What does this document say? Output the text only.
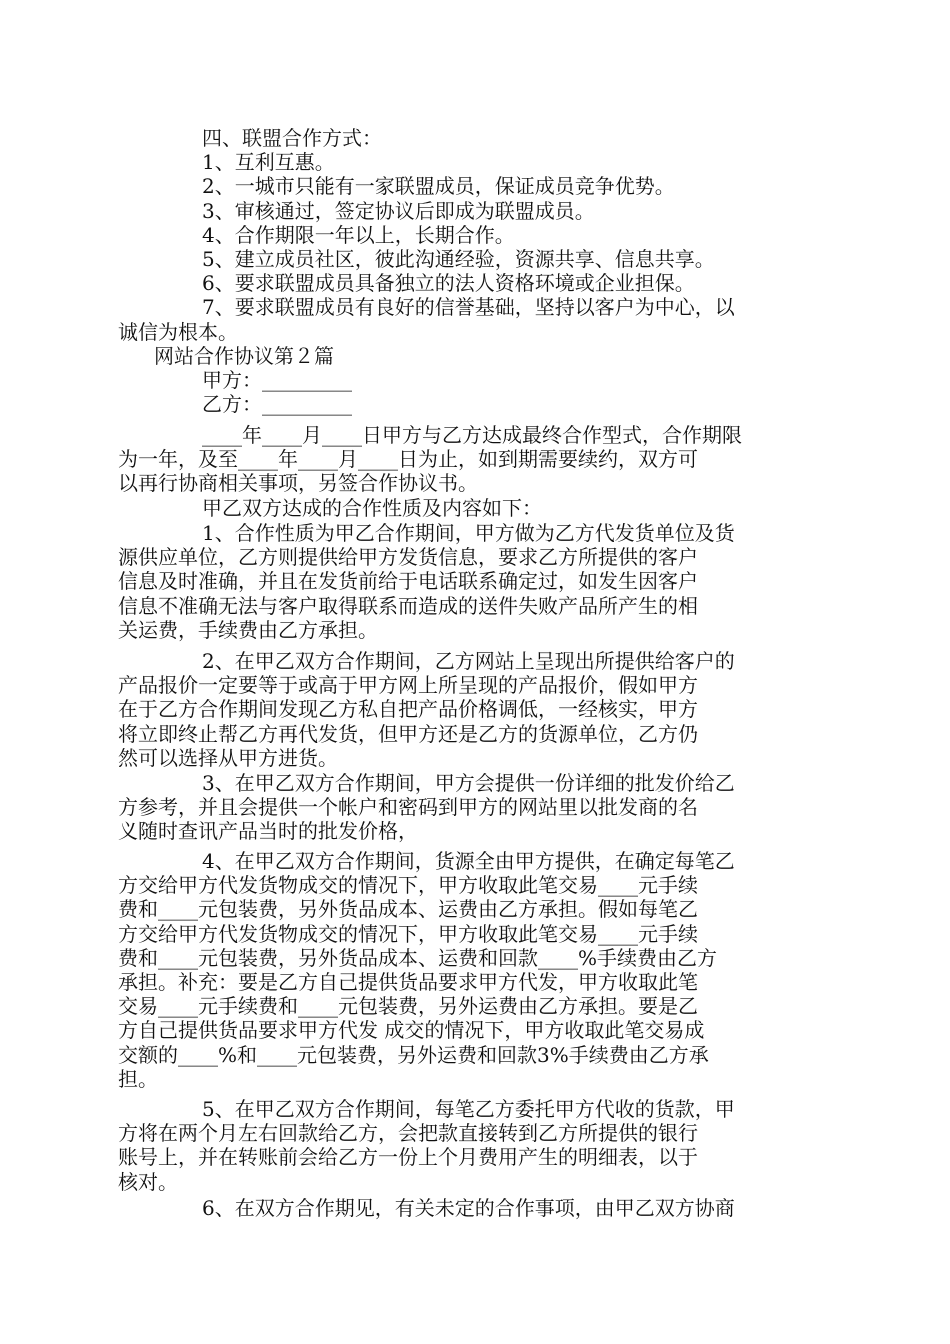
四、联盟合作方式：
1、互利互惠。
2、一城市只能有一家联盟成员，保证成员竞争优势。
3、审核通过，签定协议后即成为联盟成员。
4、合作期限一年以上，长期合作。
5、建立成员社区，彼此沟通经验，资源共享、信息共享。
6、要求联盟成员具备独立的法人资格环境或企业担保。
7、要求联盟成员有良好的信誉基础，坚持以客户为中心，以
诚信为根本。
网站合作协议第２篇
甲方：_________
乙方：_________
____年____月____日甲方与乙方达成最终合作型式，合作期限
为一年，及至____年____月____日为止，如到期需要续约，双方可
以再行协商相关事项，另签合作协议书。
甲乙双方达成的合作性质及内容如下：
1、合作性质为甲乙合作期间，甲方做为乙方代发货单位及货
源供应单位，乙方则提供给甲方发货信息，要求乙方所提供的客户
信息及时准确，并且在发货前给于电话联系确定过，如发生因客户
信息不准确无法与客户取得联系而造成的送件失败产品所产生的相
关运费，手续费由乙方承担。
2、在甲乙双方合作期间，乙方网站上呈现出所提供给客户的
产品报价一定要等于或高于甲方网上所呈现的产品报价，假如甲方
在于乙方合作期间发现乙方私自把产品价格调低，一经核实，甲方
将立即终止帮乙方再代发货，但甲方还是乙方的货源单位，乙方仍
然可以选择从甲方进货。
3、在甲乙双方合作期间，甲方会提供一份详细的批发价给乙
方参考，并且会提供一个帐户和密码到甲方的网站里以批发商的名
义随时查讯产品当时的批发价格，
4、在甲乙双方合作期间，货源全由甲方提供，在确定每笔乙
方交给甲方代发货物成交的情况下，甲方收取此笔交易____元手续
费和____元包装费，另外货品成本、运费由乙方承担。假如每笔乙
方交给甲方代发货物成交的情况下，甲方收取此笔交易____元手续
费和____元包装费，另外货品成本、运费和回款____%手续费由乙方
承担。补充：要是乙方自己提供货品要求甲方代发，甲方收取此笔
交易____元手续费和____元包装费，另外运费由乙方承担。要是乙
方自己提供货品要求甲方代发 成交的情况下，甲方收取此笔交易成
交额的____%和____元包装费，另外运费和回款3%手续费由乙方承
担。
5、在甲乙双方合作期间，每笔乙方委托甲方代收的货款，甲
方将在两个月左右回款给乙方，会把款直接转到乙方所提供的银行
账号上，并在转账前会给乙方一份上个月费用产生的明细表，以于
核对。
6、在双方合作期见，有关未定的合作事项，由甲乙双方协商
